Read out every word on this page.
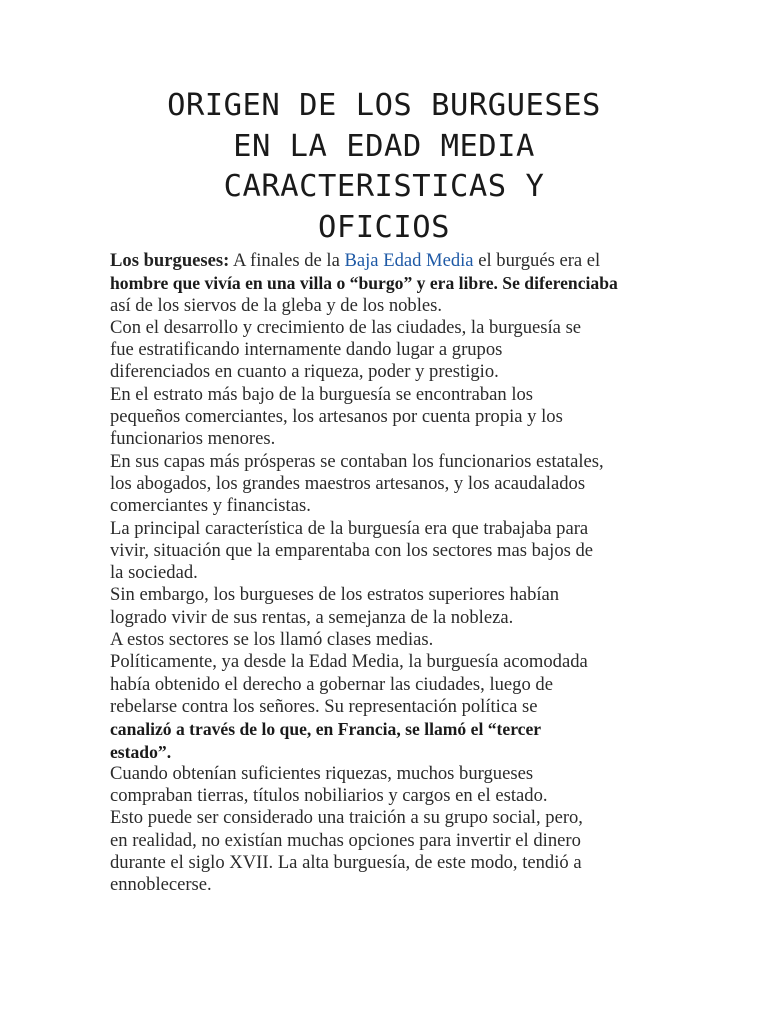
ORIGEN DE LOS BURGUESES
EN LA EDAD MEDIA
CARACTERISTICAS Y
OFICIOS
Los burgueses: A finales de la Baja Edad Media el burgués era el
hombre que vivía en una villa o “burgo” y era libre. Se diferenciaba
así de los siervos de la gleba y de los nobles.
Con el desarrollo y crecimiento de las ciudades, la burguesía se
fue estratificando internamente dando lugar a grupos
diferenciados en cuanto a riqueza, poder y prestigio.
En el estrato más bajo de la burguesía se encontraban los
pequeños comerciantes, los artesanos por cuenta propia y los
funcionarios menores.
En sus capas más prósperas se contaban los funcionarios estatales,
los abogados, los grandes maestros artesanos, y los acaudalados
comerciantes y financistas.
La principal característica de la burguesía era que trabajaba para
vivir, situación que la emparentaba con los sectores mas bajos de
la sociedad.
Sin embargo, los burgueses de los estratos superiores habían
logrado vivir de sus rentas, a semejanza de la nobleza.
A estos sectores se los llamó clases medias.
Políticamente, ya desde la Edad Media, la burguesía acomodada
había obtenido el derecho a gobernar las ciudades, luego de
rebelarse contra los señores. Su representación política se
canalizó a través de lo que, en Francia, se llamó el “tercer
estado”.
Cuando obtenían suficientes riquezas, muchos burgueses
compraban tierras, títulos nobiliarios y cargos en el estado.
Esto puede ser considerado una traición a su grupo social, pero,
en realidad, no existían muchas opciones para invertir el dinero
durante el siglo XVII. La alta burguesía, de este modo, tendió a
ennoblecerse.
